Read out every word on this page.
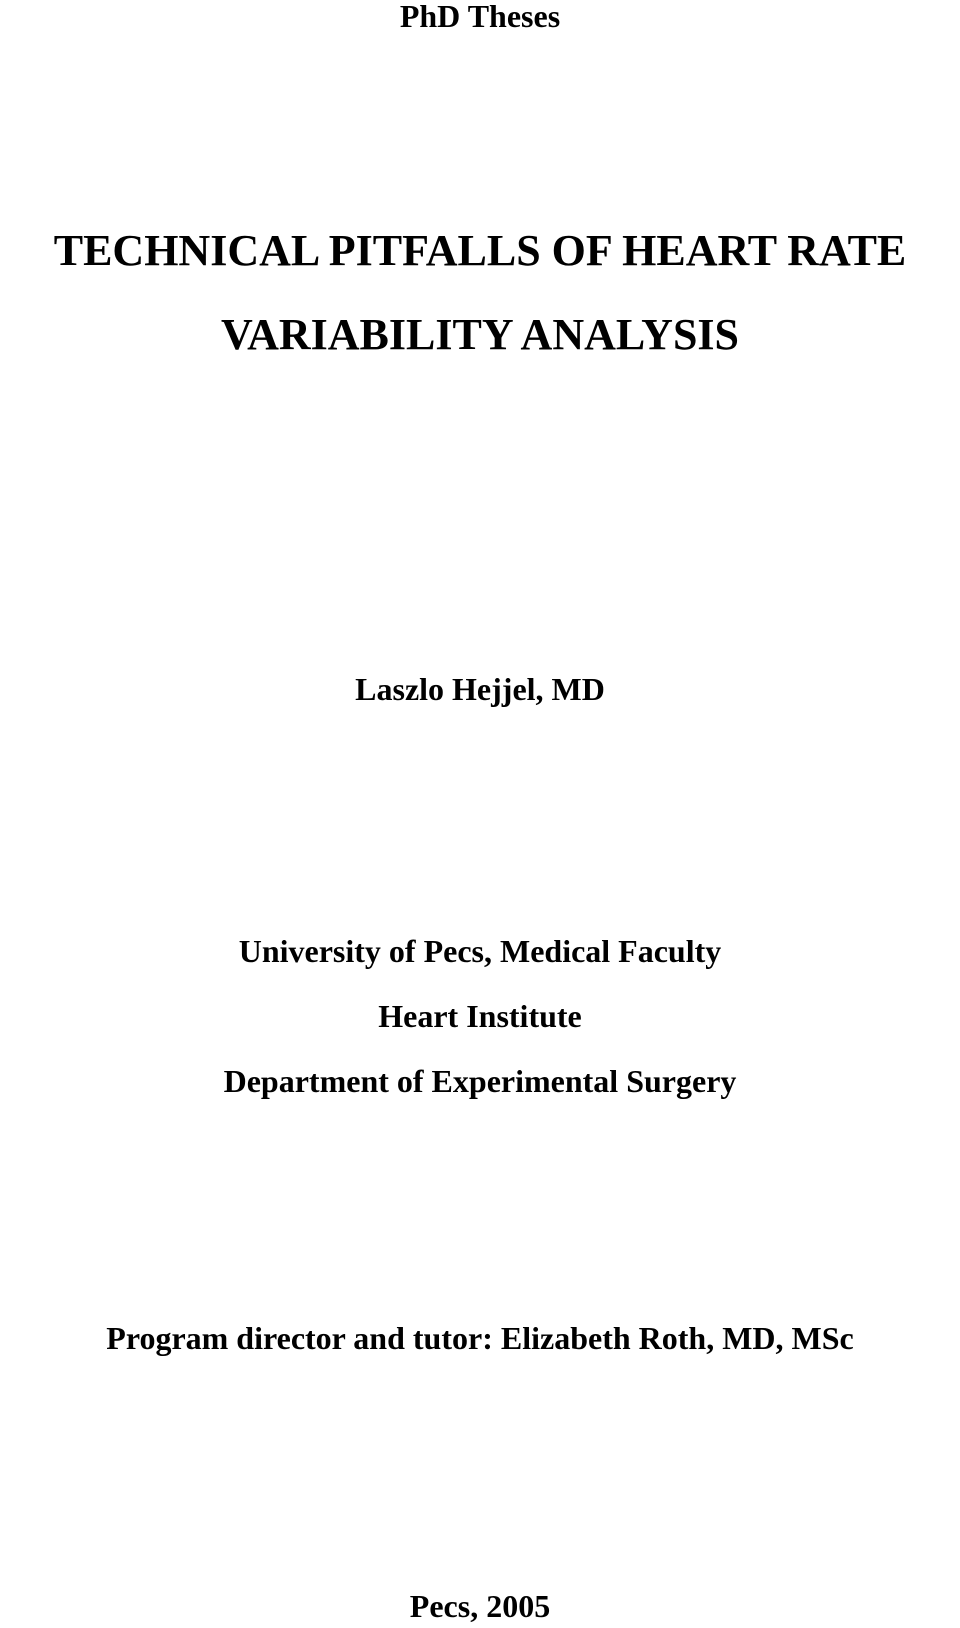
PhD Theses
TECHNICAL PITFALLS OF HEART RATE
VARIABILITY ANALYSIS
Laszlo Hejjel, MD
University of Pecs, Medical Faculty
Heart Institute
Department of Experimental Surgery
Program director and tutor: Elizabeth Roth, MD, MSc
Pecs, 2005
